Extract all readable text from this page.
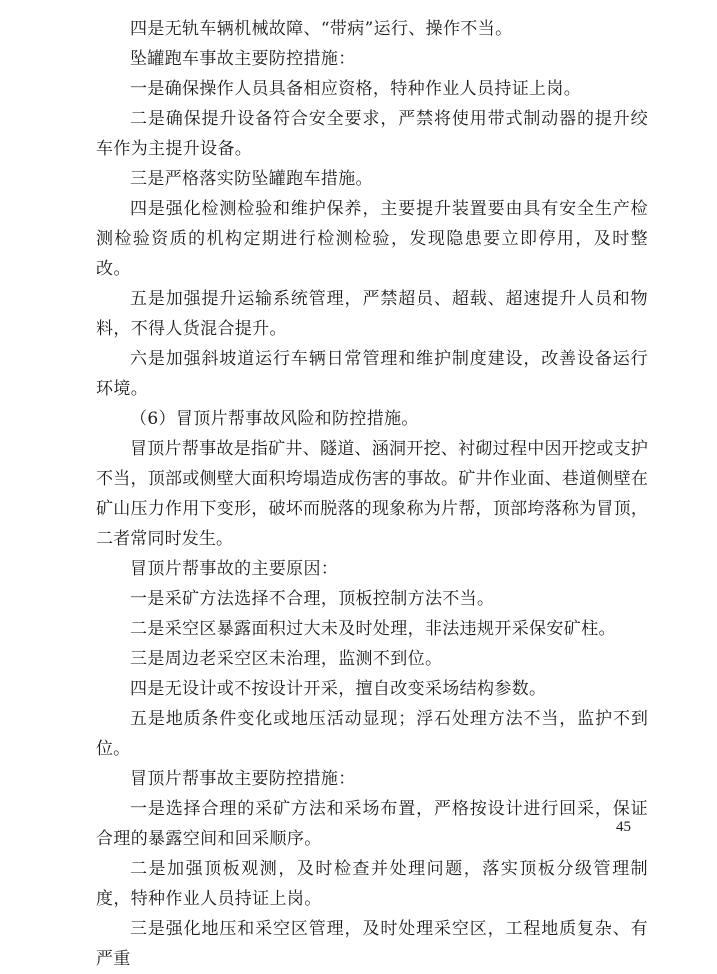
四是无轨车辆机械故障、“带病”运行、操作不当。

坠罐跑车事故主要防控措施：

一是确保操作人员具备相应资格，特种作业人员持证上岗。

二是确保提升设备符合安全要求，严禁将使用带式制动器的提升绞车作为主提升设备。

三是严格落实防坠罐跑车措施。

四是强化检测检验和维护保养，主要提升装置要由具有安全生产检测检验资质的机构定期进行检测检验，发现隐患要立即停用，及时整改。

五是加强提升运输系统管理，严禁超员、超载、超速提升人员和物料，不得人货混合提升。

六是加强斜坡道运行车辆日常管理和维护制度建设，改善设备运行环境。

（6）冒顶片帮事故风险和防控措施。

冒顶片帮事故是指矿井、隧道、涵洞开挖、衬砌过程中因开挖或支护不当，顶部或侧壁大面积垮塌造成伤害的事故。矿井作业面、巷道侧壁在矿山压力作用下变形，破坏而脱落的现象称为片帮，顶部垮落称为冒顶，二者常同时发生。

冒顶片帮事故的主要原因：

一是采矿方法选择不合理，顶板控制方法不当。

二是采空区暴露面积过大未及时处理，非法违规开采保安矿柱。

三是周边老采空区未治理，监测不到位。

四是无设计或不按设计开采，擅自改变采场结构参数。

五是地质条件变化或地压活动显现；浮石处理方法不当，监护不到位。

冒顶片帮事故主要防控措施：

一是选择合理的采矿方法和采场布置，严格按设计进行回采，保证合理的暴露空间和回采顺序。

二是加强顶板观测，及时检查并处理问题，落实顶板分级管理制度，特种作业人员持证上岗。

三是强化地压和采空区管理，及时处理采空区，工程地质复杂、有严重

45
